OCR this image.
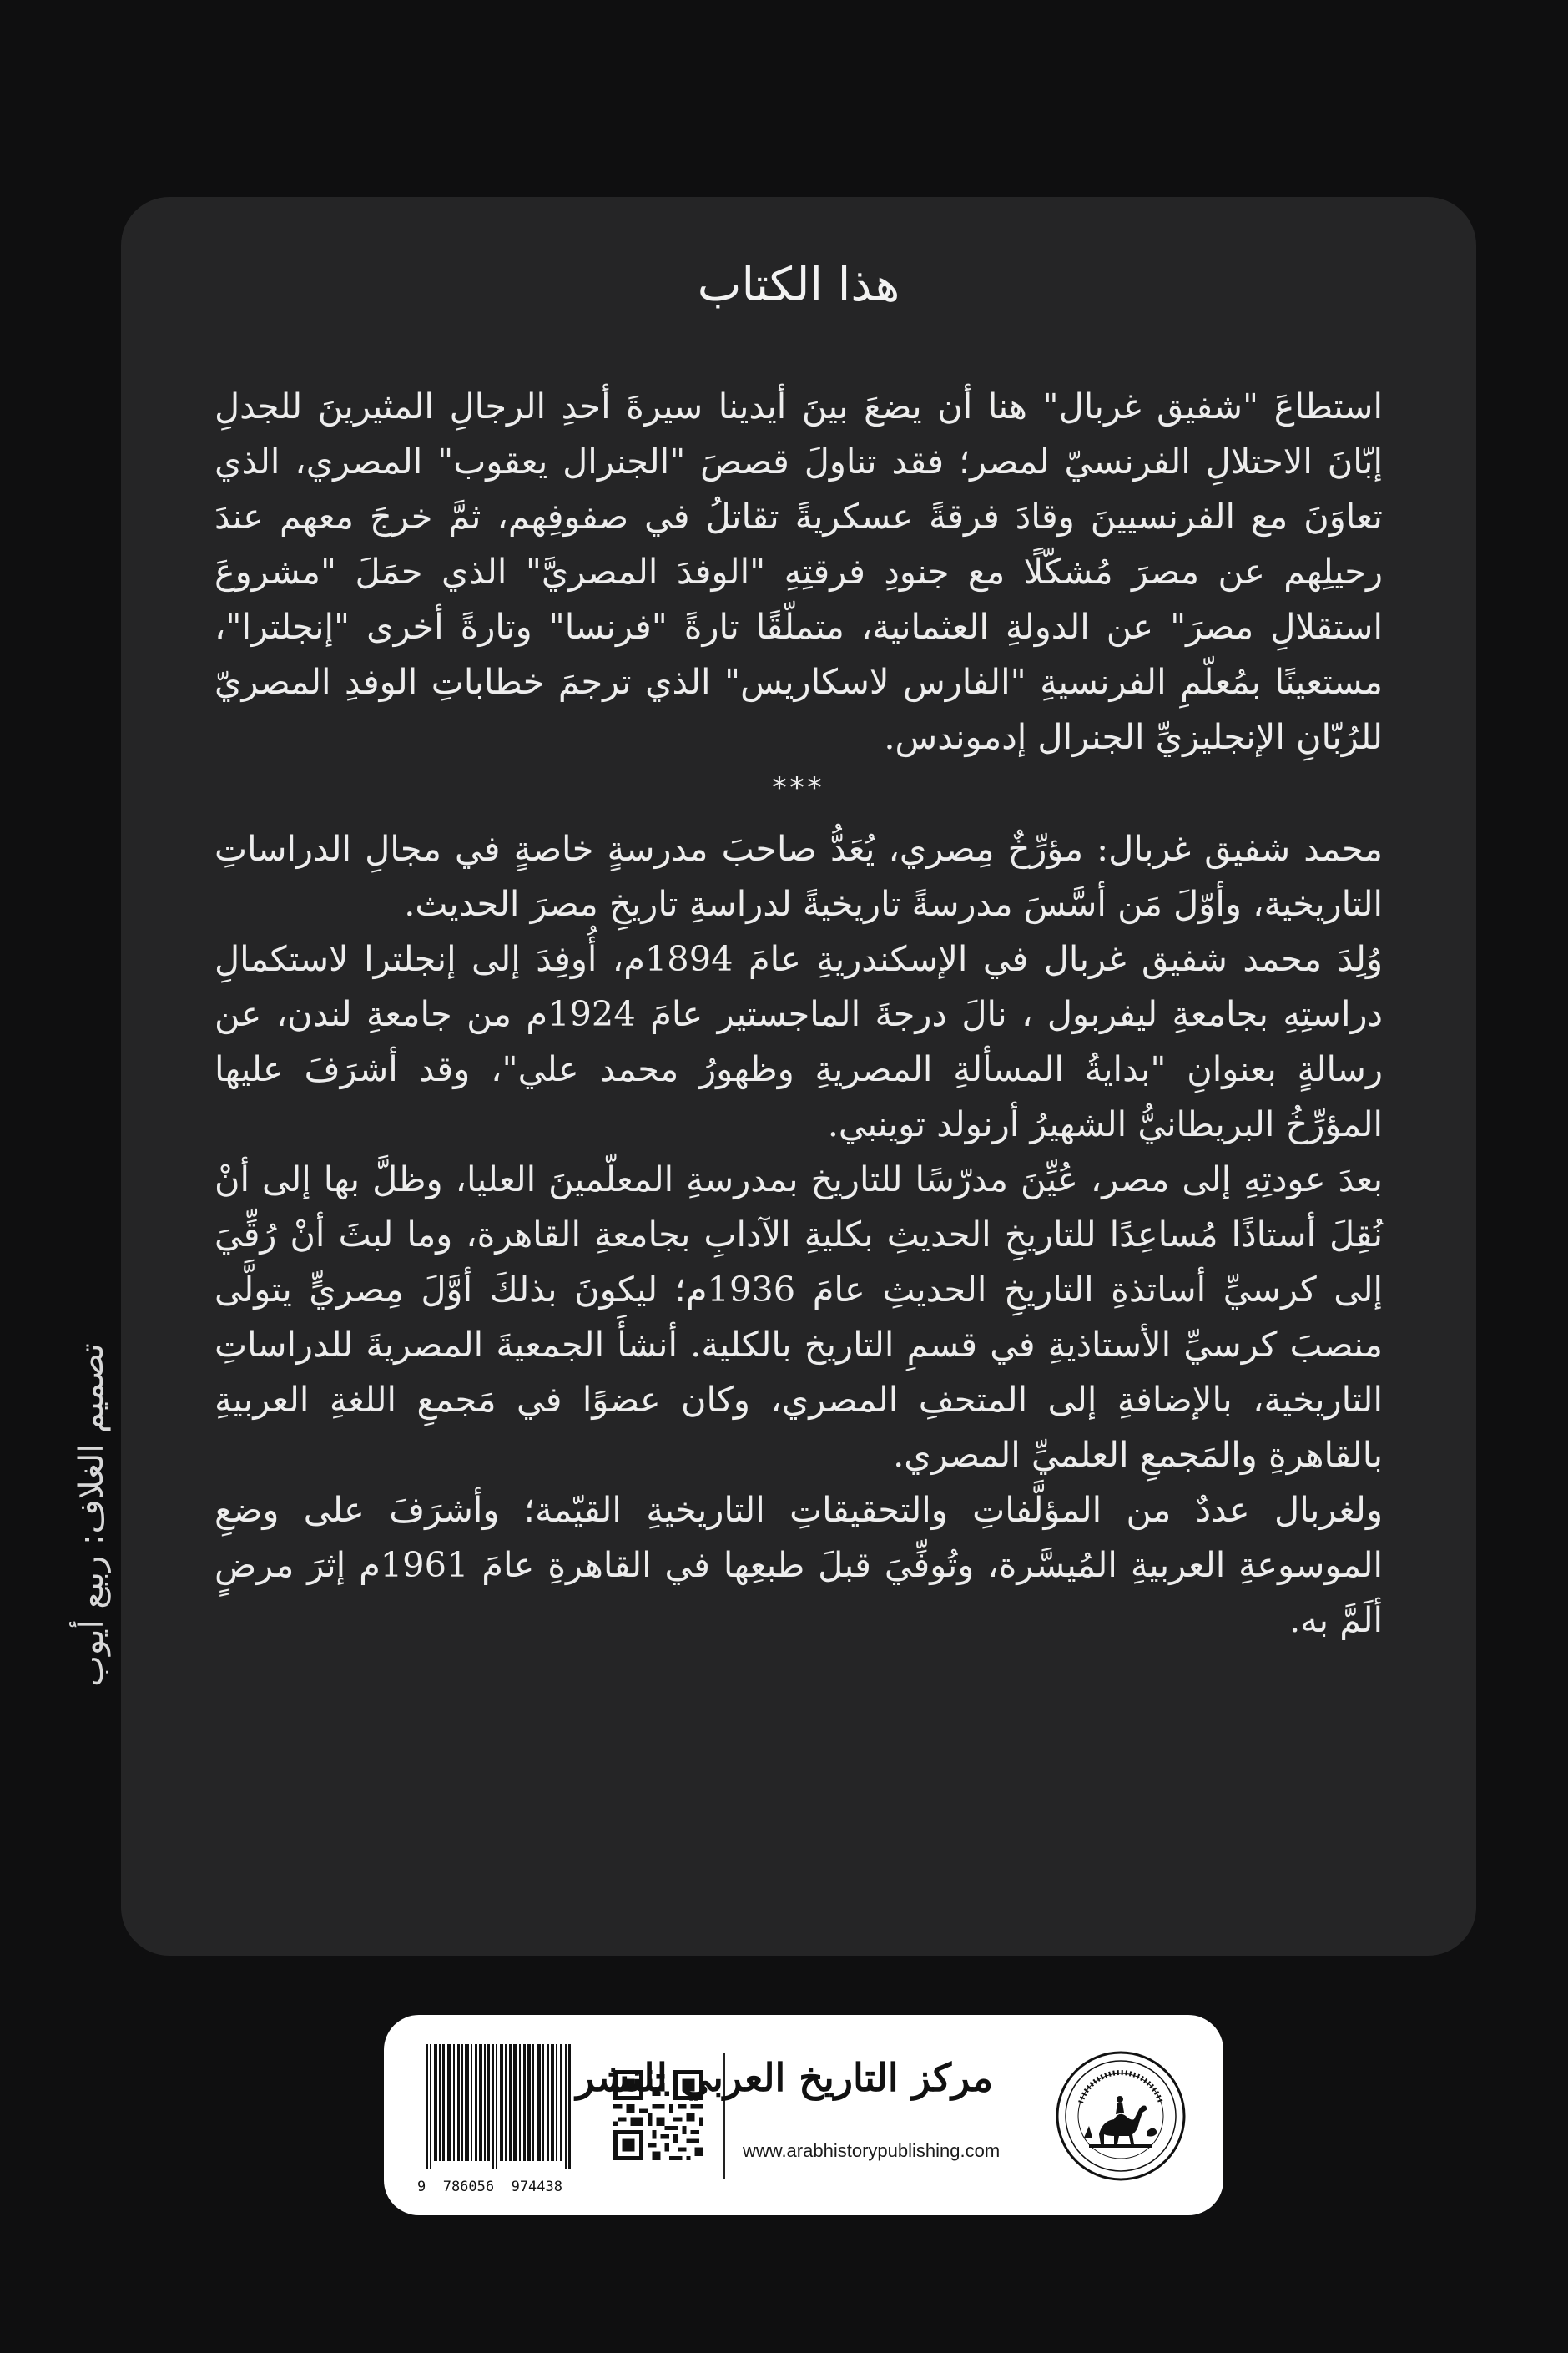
هذا الكتاب

استطاعَ "شفيق غربال" هنا أن يضعَ بينَ أيدينا سيرةَ أحدِ الرجالِ المثيرينَ للجدلِ إبّانَ الاحتلالِ الفرنسيّ لمصر؛ فقد تناولَ قصصَ "الجنرال يعقوب" المصري، الذي تعاوَنَ مع الفرنسيينَ وقادَ فرقةً عسكريةً تقاتلُ في صفوفِهم، ثمَّ خرجَ معهم عندَ رحيلِهم عن مصرَ مُشكّلًا مع جنودِ فرقتِهِ "الوفدَ المصريَّ" الذي حمَلَ "مشروعَ استقلالِ مصرَ" عن الدولةِ العثمانية، متملّقًا تارةً "فرنسا" وتارةً أخرى "إنجلترا"، مستعينًا بمُعلّمِ الفرنسيةِ "الفارس لاسكاريس" الذي ترجمَ خطاباتِ الوفدِ المصريّ للرُبّانِ الإنجليزيِّ الجنرال إدموندس.

***

محمد شفيق غربال: مؤرِّخٌ مِصري، يُعَدُّ صاحبَ مدرسةٍ خاصةٍ في مجالِ الدراساتِ التاريخية، وأوّلَ مَن أسَّسَ مدرسةً تاريخيةً لدراسةِ تاريخِ مصرَ الحديث.

وُلِدَ محمد شفيق غربال في الإسكندريةِ عامَ 1894م، أُوفِدَ إلى إنجلترا لاستكمالِ دراستِهِ بجامعةِ ليفربول ، نالَ درجةَ الماجستير عامَ 1924م من جامعةِ لندن، عن رسالةٍ بعنوانِ "بدايةُ المسألةِ المصريةِ وظهورُ محمد علي"، وقد أشرَفَ عليها المؤرِّخُ البريطانيُّ الشهيرُ أرنولد توينبي.

بعدَ عودتِهِ إلى مصر، عُيِّنَ مدرّسًا للتاريخ بمدرسةِ المعلّمينَ العليا، وظلَّ بها إلى أنْ نُقِلَ أستاذًا مُساعِدًا للتاريخِ الحديثِ بكليةِ الآدابِ بجامعةِ القاهرة، وما لبثَ أنْ رُقِّيَ إلى كرسيِّ أساتذةِ التاريخِ الحديثِ عامَ 1936م؛ ليكونَ بذلكَ أوَّلَ مِصريٍّ يتولَّى منصبَ كرسيِّ الأستاذيةِ في قسمِ التاريخ بالكلية. أنشأَ الجمعيةَ المصريةَ للدراساتِ التاريخية، بالإضافةِ إلى المتحفِ المصري، وكان عضوًا في مَجمعِ اللغةِ العربيةِ بالقاهرةِ والمَجمعِ العلميِّ المصري.

ولغربال عددٌ من المؤلَّفاتِ والتحقيقاتِ التاريخيةِ القيّمة؛ وأشرَفَ على وضعِ الموسوعةِ العربيةِ المُيسَّرة، وتُوفِّيَ قبلَ طبعِها في القاهرةِ عامَ 1961م إثرَ مرضٍ ألَمَّ به.

تصميم الغلاف: ربيع أيوب
9  786056  974438
مركز التاريخ العربي للنشر
www.arabhistorypublishing.com
